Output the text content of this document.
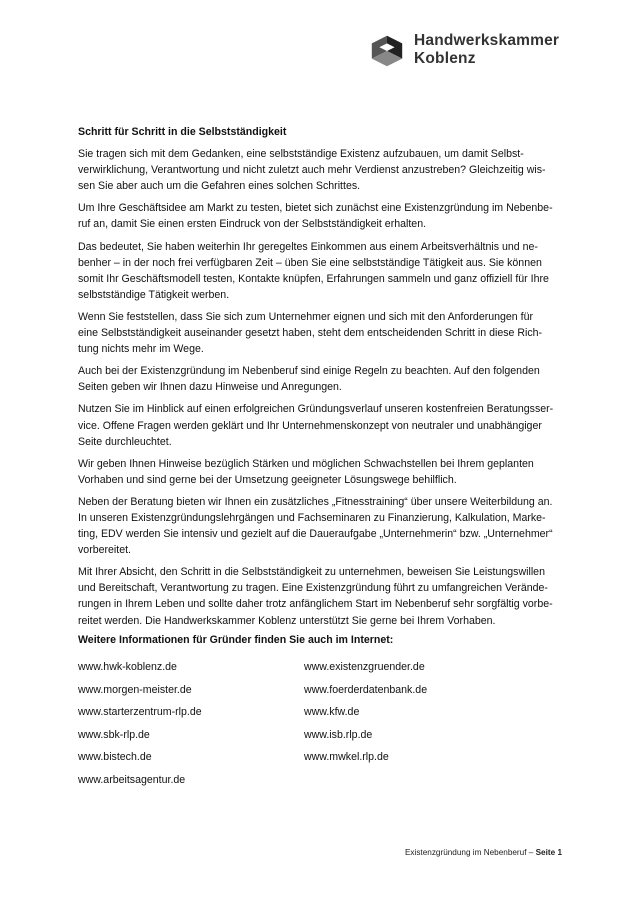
Handwerkskammer
Koblenz
Schritt für Schritt in die Selbstständigkeit

Sie tragen sich mit dem Gedanken, eine selbstständige Existenz aufzubauen, um damit Selbst-
verwirklichung, Verantwortung und nicht zuletzt auch mehr Verdienst anzustreben? Gleichzeitig wis-
sen Sie aber auch um die Gefahren eines solchen Schrittes.

Um Ihre Geschäftsidee am Markt zu testen, bietet sich zunächst eine Existenzgründung im Nebenbe-
ruf an, damit Sie einen ersten Eindruck von der Selbstständigkeit erhalten.

Das bedeutet, Sie haben weiterhin Ihr geregeltes Einkommen aus einem Arbeitsverhältnis und ne-
benher – in der noch frei verfügbaren Zeit – üben Sie eine selbstständige Tätigkeit aus. Sie können
somit Ihr Geschäftsmodell testen, Kontakte knüpfen, Erfahrungen sammeln und ganz offiziell für Ihre
selbstständige Tätigkeit werben.

Wenn Sie feststellen, dass Sie sich zum Unternehmer eignen und sich mit den Anforderungen für
eine Selbstständigkeit auseinander gesetzt haben, steht dem entscheidenden Schritt in diese Rich-
tung nichts mehr im Wege.

Auch bei der Existenzgründung im Nebenberuf sind einige Regeln zu beachten. Auf den folgenden
Seiten geben wir Ihnen dazu Hinweise und Anregungen.

Nutzen Sie im Hinblick auf einen erfolgreichen Gründungsverlauf unseren kostenfreien Beratungsser-
vice. Offene Fragen werden geklärt und Ihr Unternehmenskonzept von neutraler und unabhängiger
Seite durchleuchtet.

Wir geben Ihnen Hinweise bezüglich Stärken und möglichen Schwachstellen bei Ihrem geplanten
Vorhaben und sind gerne bei der Umsetzung geeigneter Lösungswege behilflich.

Neben der Beratung bieten wir Ihnen ein zusätzliches „Fitnesstraining“ über unsere Weiterbildung an.
In unseren Existenzgründungslehrgängen und Fachseminaren zu Finanzierung, Kalkulation, Marke-
ting, EDV werden Sie intensiv und gezielt auf die Daueraufgabe „Unternehmerin“ bzw. „Unternehmer“
vorbereitet.

Mit Ihrer Absicht, den Schritt in die Selbstständigkeit zu unternehmen, beweisen Sie Leistungswillen
und Bereitschaft, Verantwortung zu tragen. Eine Existenzgründung führt zu umfangreichen Verände-
rungen in Ihrem Leben und sollte daher trotz anfänglichem Start im Nebenberuf sehr sorgfältig vorbe-
reitet werden. Die Handwerkskammer Koblenz unterstützt Sie gerne bei Ihrem Vorhaben.

Weitere Informationen für Gründer finden Sie auch im Internet:
www.hwk-koblenz.de	www.existenzgruender.de
www.morgen-meister.de	www.foerderdatenbank.de
www.starterzentrum-rlp.de	www.kfw.de
www.sbk-rlp.de	www.isb.rlp.de
www.bistech.de	www.mwkel.rlp.de
www.arbeitsagentur.de
Existenzgründung im Nebenberuf – Seite 1
